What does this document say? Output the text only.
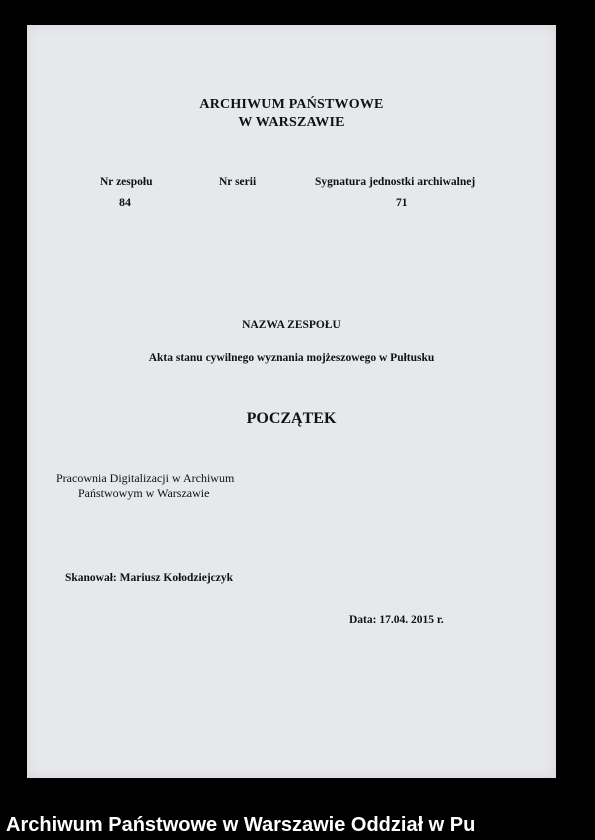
ARCHIWUM PAŃSTWOWE
W WARSZAWIE
Nr zespołu
84
Nr serii	Sygnatura jednostki archiwalnej
71
NAZWA ZESPOŁU
Akta stanu cywilnego wyznania mojżeszowego w Pułtusku
POCZĄTEK
Pracownia Digitalizacji w Archiwum
Państwowym w Warszawie
Skanował: Mariusz Kołodziejczyk
Data: 17.04. 2015 r.
Archiwum Państwowe w Warszawie Oddział w Pu
